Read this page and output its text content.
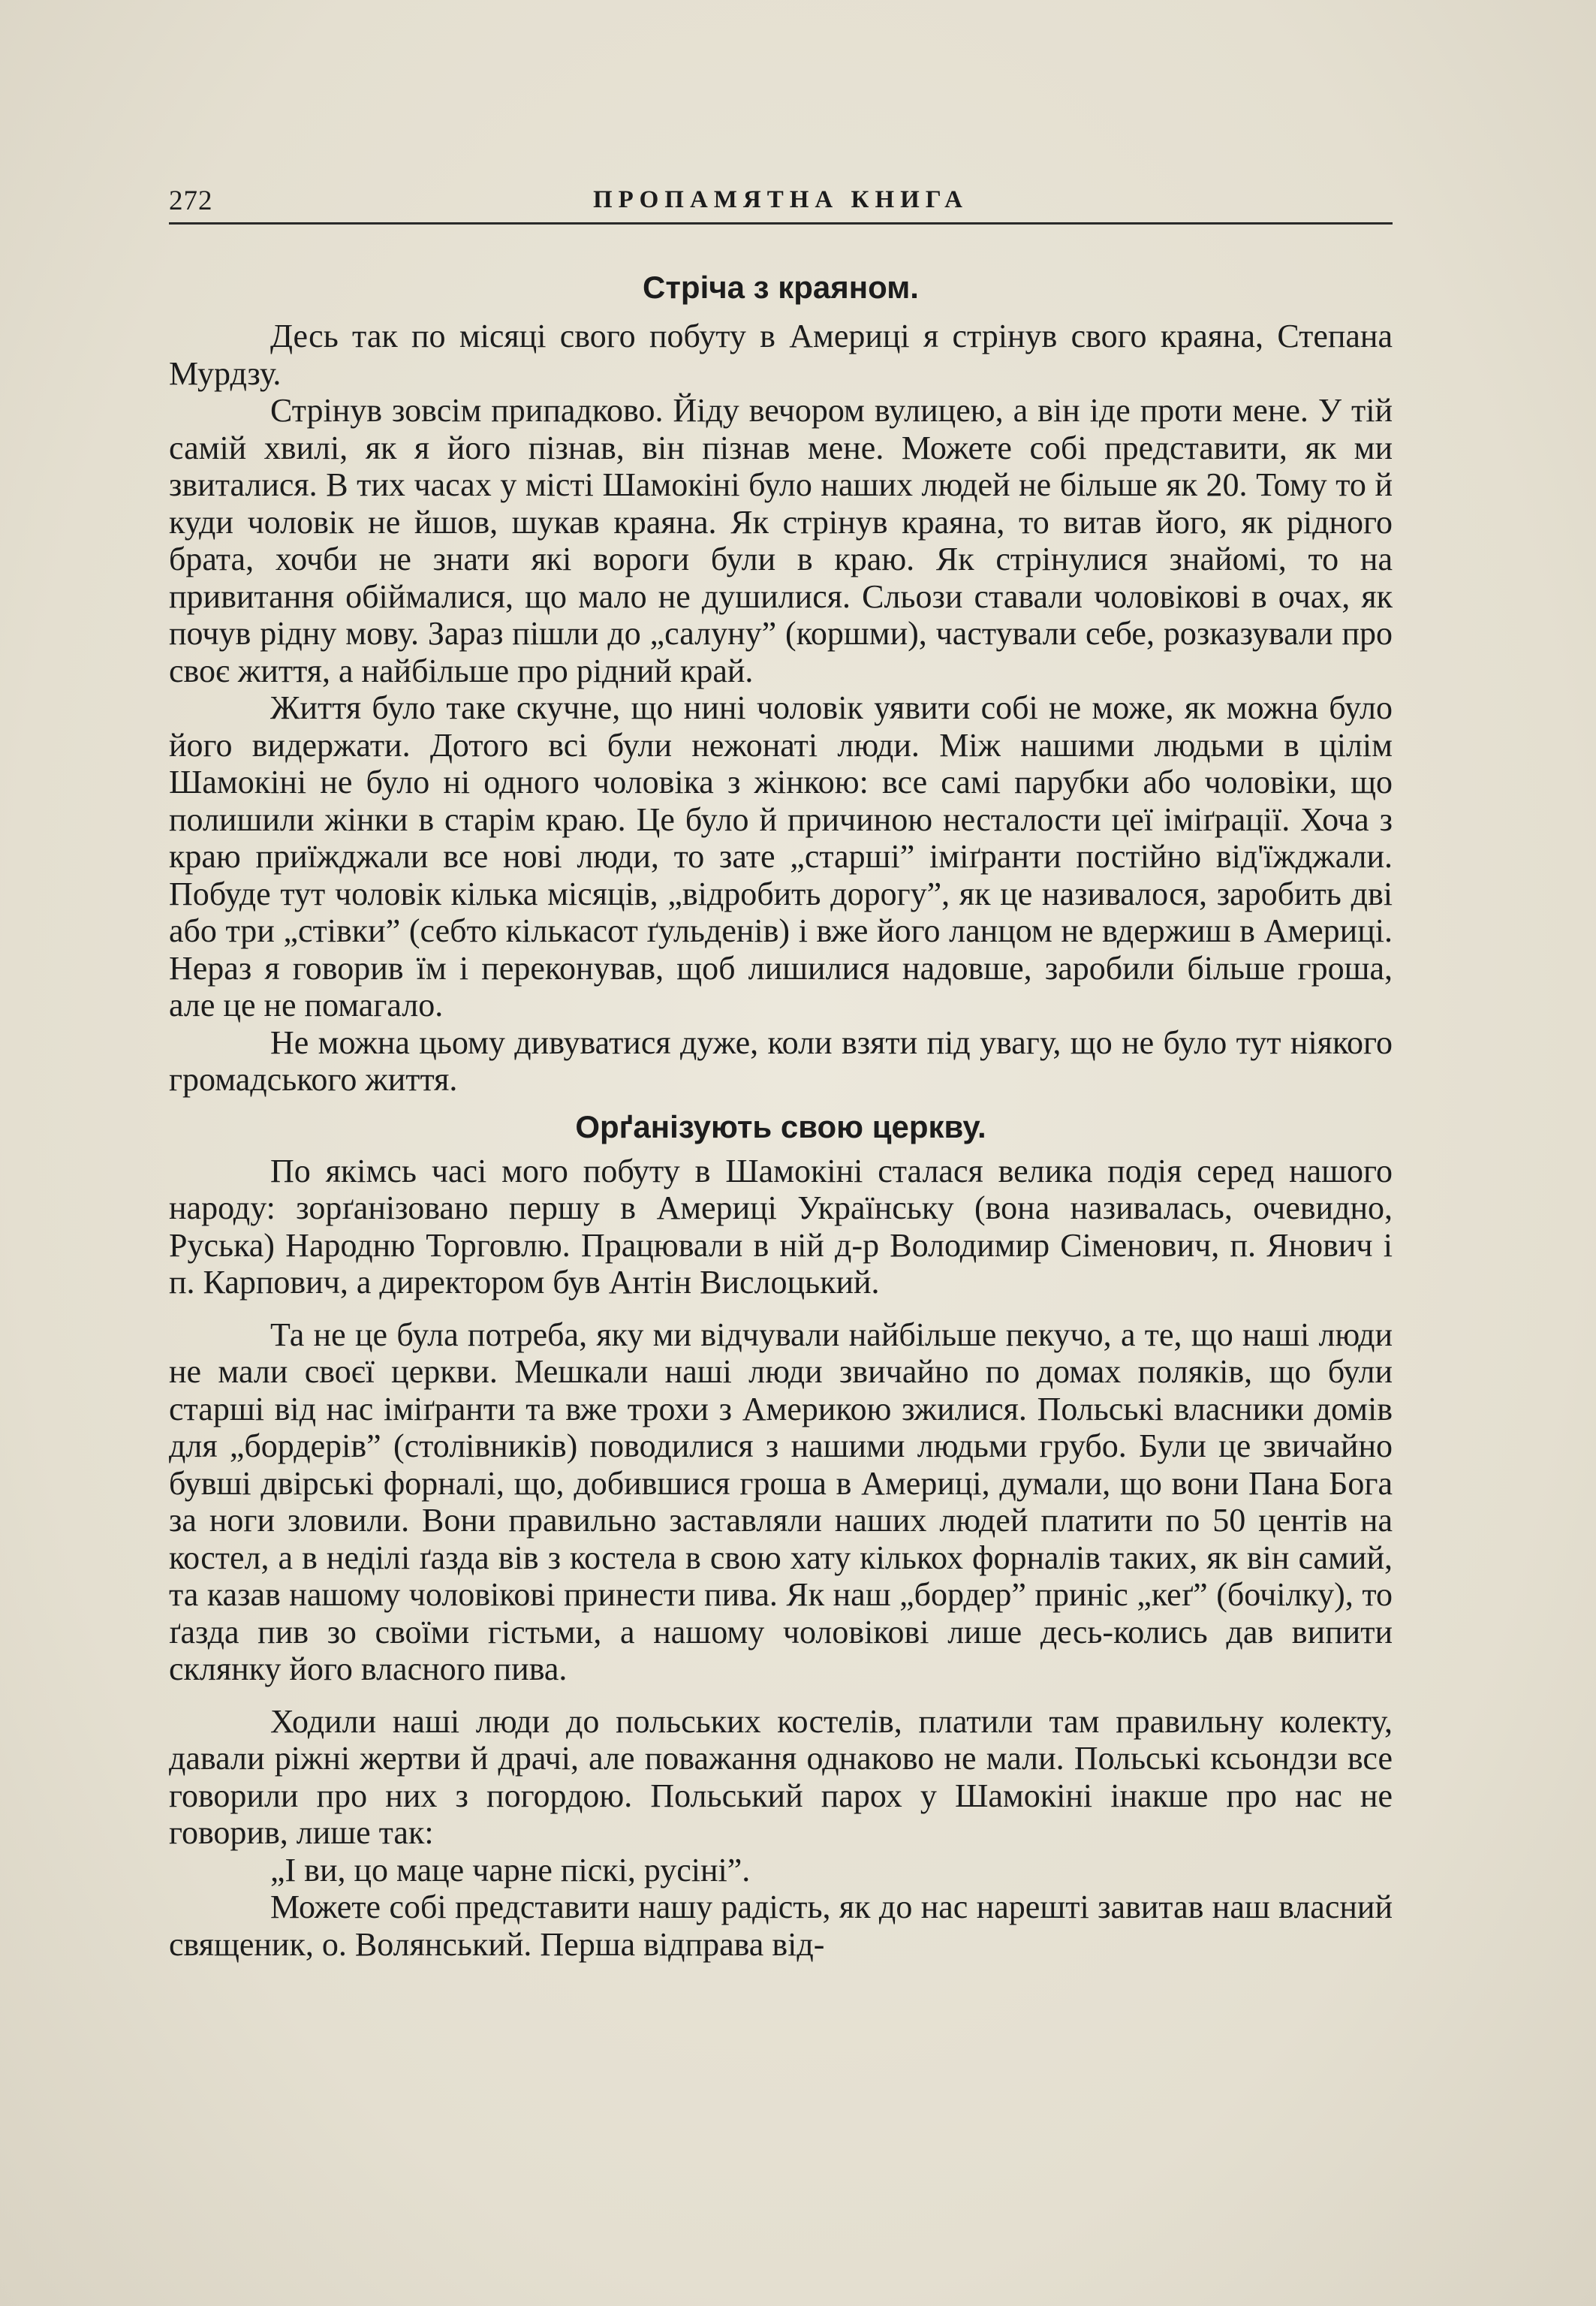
272	ПРОПАМЯТНА КНИГА
Стріча з краяном.

Десь так по місяці свого побуту в Америці я стрінув свого краяна, Степана Мурдзу.

Стрінув зовсім припадково. Йіду вечором вулицею, а він іде проти мене. У тій самій хвилі, як я його пізнав, він пізнав мене. Можете собі представити, як ми звиталися. В тих часах у місті Шамокіні було наших людей не більше як 20. Тому то й куди чоловік не йшов, шукав краяна. Як стрінув краяна, то витав його, як рідного брата, хочби не знати які вороги були в краю. Як стрінулися знайомі, то на привитання обіймалися, що мало не душилися. Сльози ставали чоловікові в очах, як почув рідну мову. Зараз пішли до „салуну” (коршми), частували себе, розказували про своє життя, а найбільше про рідний край.

Життя було таке скучне, що нині чоловік уявити собі не може, як можна було його видержати. Дотого всі були нежонаті люди. Між нашими людьми в цілім Шамокіні не було ні одного чоловіка з жінкою: все самі парубки або чоловіки, що полишили жінки в старім краю. Це було й причиною несталости цеї іміґрації. Хоча з краю приїжджали все нові люди, то зате „старші” іміґранти постійно від'їжджали. Побуде тут чоловік кілька місяців, „відробить дорогу”, як це називалося, заробить дві або три „стівки” (себто кількасот ґульденів) і вже його ланцом не вдержиш в Америці. Нераз я говорив їм і переконував, щоб лишилися надовше, заробили більше гроша, але це не помагало.

Не можна цьому дивуватися дуже, коли взяти під увагу, що не було тут ніякого громадського життя.

Орґанізують свою церкву.

По якімсь часі мого побуту в Шамокіні сталася велика подія серед нашого народу: зорґанізовано першу в Америці Українську (вона називалась, очевидно, Руська) Народню Торговлю. Працювали в ній д-р Володимир Сіменович, п. Янович і п. Карпович, а директором був Антін Вислоцький.

Та не це була потреба, яку ми відчували найбільше пекучо, а те, що наші люди не мали своєї церкви. Мешкали наші люди звичайно по домах поляків, що були старші від нас іміґранти та вже трохи з Америкою зжилися. Польські власники домів для „бордерів” (столівників) поводилися з нашими людьми грубо. Були це звичайно бувші двірські форналі, що, добившися гроша в Америці, думали, що вони Пана Бога за ноги зловили. Вони правильно заставляли наших людей платити по 50 центів на костел, а в неділі ґазда вів з костела в свою хату кількох форналів таких, як він самий, та казав нашому чоловікові принести пива. Як наш „бордер” приніс „кеґ” (бочілку), то ґазда пив зо своїми гістьми, а нашому чоловікові лише десь-колись дав випити склянку його власного пива.

Ходили наші люди до польських костелів, платили там правильну колекту, давали ріжні жертви й драчі, але поважання однаково не мали. Польські ксьондзи все говорили про них з погордою. Польський парох у Шамокіні інакше про нас не говорив, лише так:

„І ви, цо маце чарне піскі, русіні”.

Можете собі представити нашу радість, як до нас нарешті завитав наш власний священик, о. Волянський. Перша відправа від-
